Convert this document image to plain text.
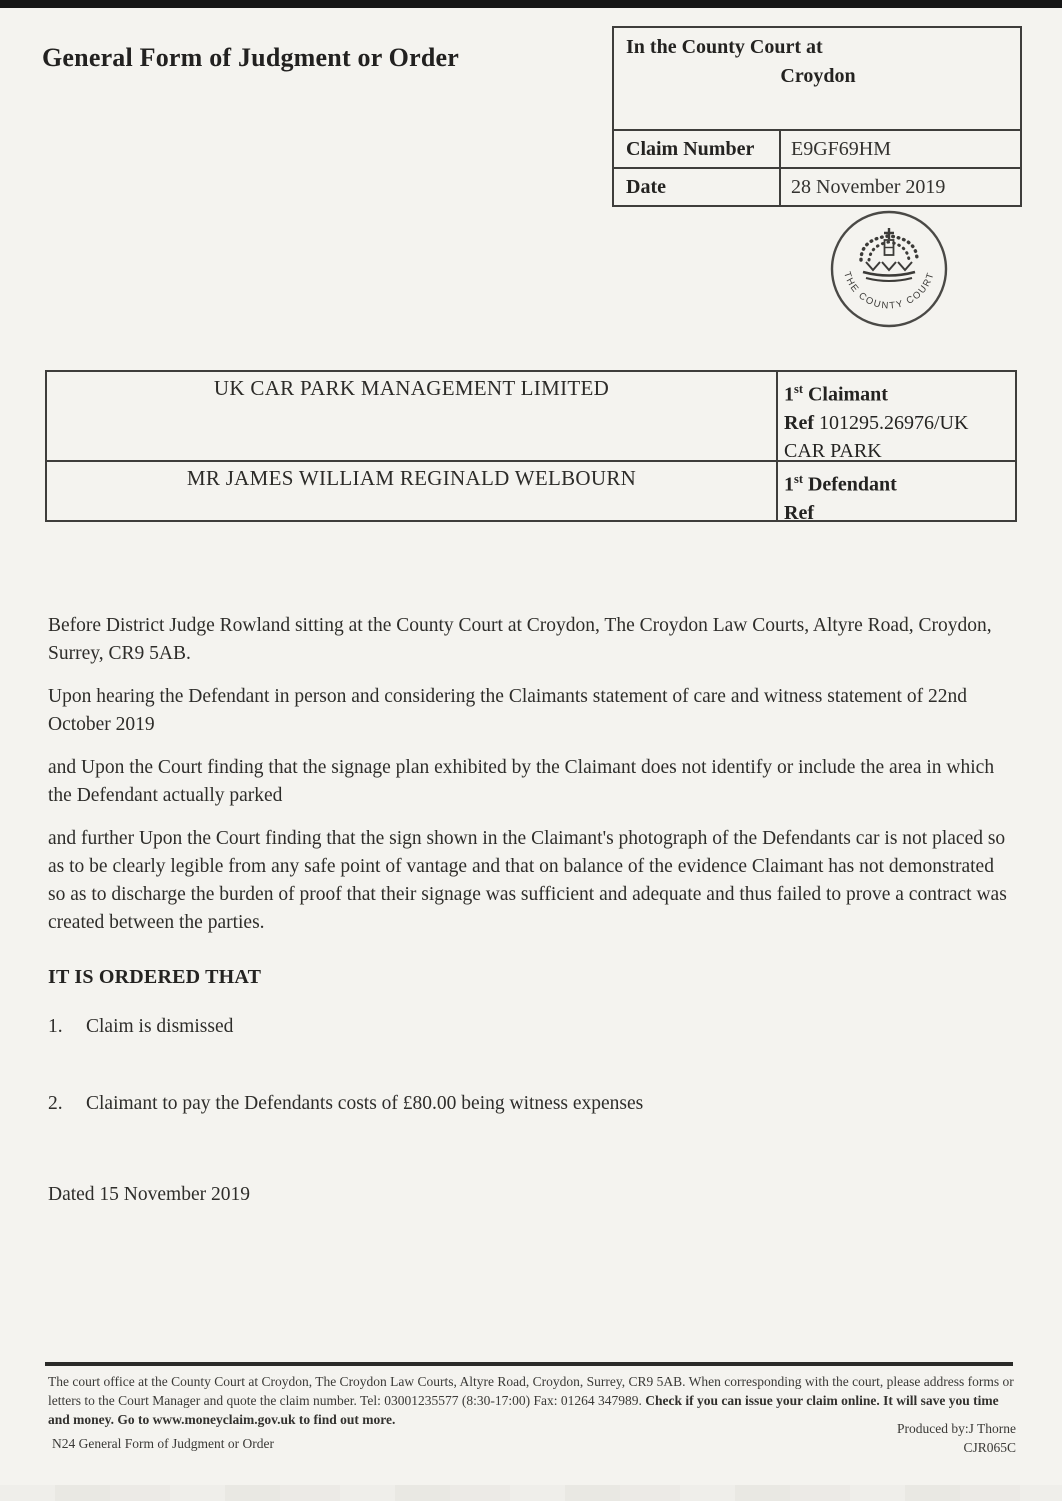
General Form of Judgment or Order	In the County Court at
Croydon
Claim Number	E9GF69HM
Date	28 November 2019
THE COUNTY COURT
UK CAR PARK MANAGEMENT LIMITED	1st Claimant
Ref 101295.26976/UK
CAR PARK
MR JAMES WILLIAM REGINALD WELBOURN	1st Defendant
Ref

Before District Judge Rowland sitting at the County Court at Croydon, The Croydon Law Courts, Altyre Road, Croydon, Surrey, CR9 5AB.

Upon hearing the Defendant in person and considering the Claimants statement of care and witness statement of 22nd October 2019

and Upon the Court finding that the signage plan exhibited by the Claimant does not identify or include the area in which the Defendant actually parked

and further Upon the Court finding that the sign shown in the Claimant's photograph of the Defendants car is not placed so as to be clearly legible from any safe point of vantage and that on balance of the evidence Claimant has not demonstrated so as to discharge the burden of proof that their signage was sufficient and adequate and thus failed to prove a contract was created between the parties.

IT IS ORDERED THAT
1.	Claim is dismissed
2.	Claimant to pay the Defendants costs of £80.00 being witness expenses
Dated 15 November 2019
The court office at the County Court at Croydon, The Croydon Law Courts, Altyre Road, Croydon, Surrey, CR9 5AB. When corresponding with the court, please address forms or letters to the Court Manager and quote the claim number. Tel: 03001235577 (8:30-17:00) Fax: 01264 347989. Check if you can issue your claim online. It will save you time and money. Go to www.moneyclaim.gov.uk to find out more.
Produced by:J Thorne
CJR065C
N24 General Form of Judgment or Order
